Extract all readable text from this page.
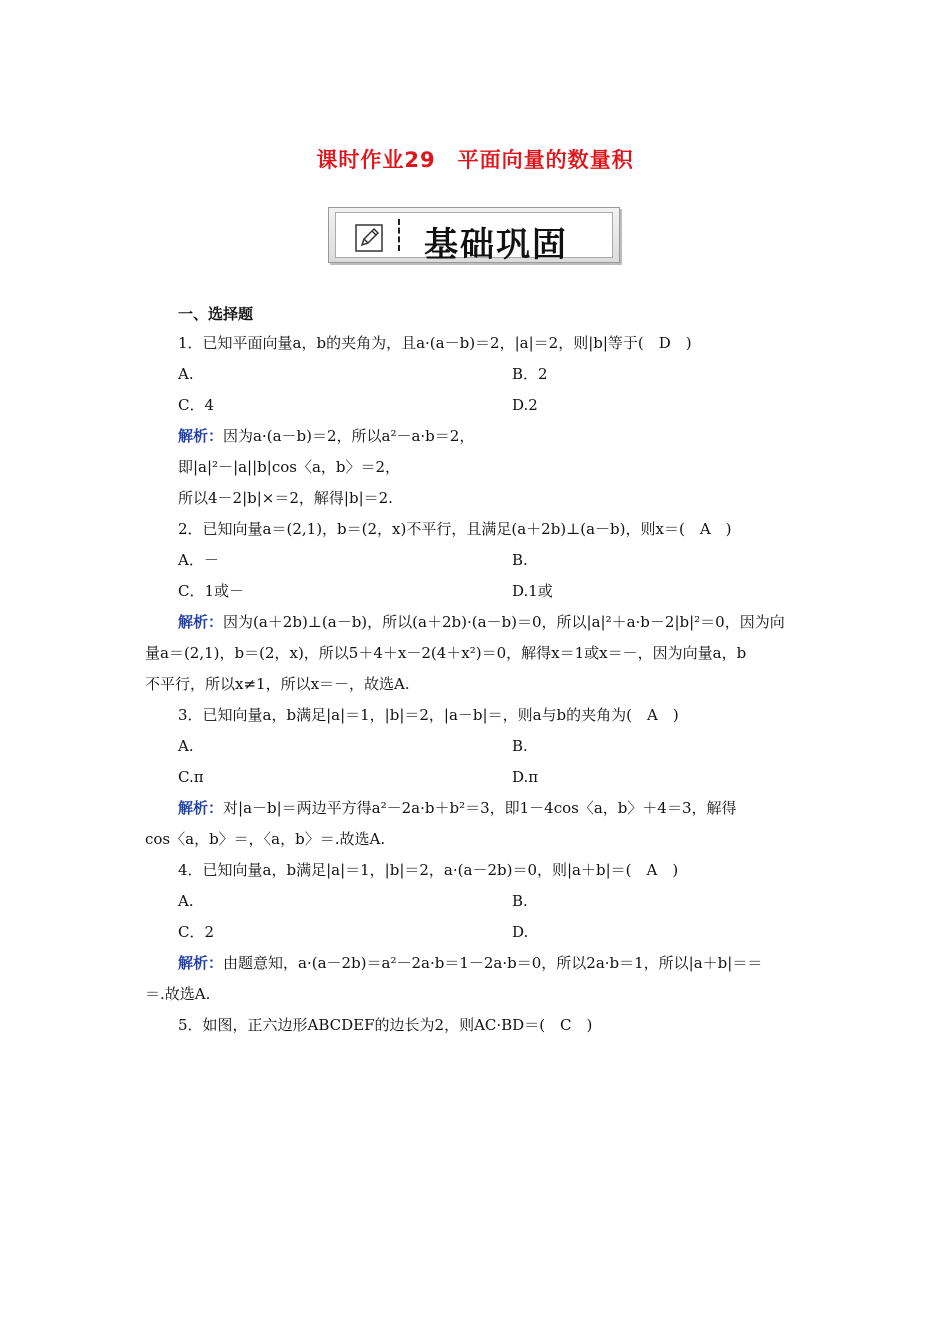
课时作业29　平面向量的数量积
基础巩固
一、选择题
1．已知平面向量a，b的夹角为，且a·(a－b)＝2，|a|＝2，则|b|等于(　D　)
A.	B．2
C．4	D.2
解析：因为a·(a－b)＝2，所以a²－a·b＝2，
即|a|²－|a||b|cos〈a，b〉＝2，
所以4－2|b|×＝2，解得|b|＝2.
2．已知向量a＝(2,1)，b＝(2，x)不平行，且满足(a＋2b)⊥(a－b)，则x＝(　A　)
A．－	B.
C．1或－	D.1或
解析：因为(a＋2b)⊥(a－b)，所以(a＋2b)·(a－b)＝0，所以|a|²＋a·b－2|b|²＝0，因为向
量a＝(2,1)，b＝(2，x)，所以5＋4＋x－2(4＋x²)＝0，解得x＝1或x＝－，因为向量a，b
不平行，所以x≠1，所以x＝－，故选A.
3．已知向量a，b满足|a|＝1，|b|＝2，|a－b|＝，则a与b的夹角为(　A　)
A.	B.
C.π	D.π
解析：对|a－b|＝两边平方得a²－2a·b＋b²＝3，即1－4cos〈a，b〉＋4＝3，解得
cos〈a，b〉＝，〈a，b〉＝.故选A.
4．已知向量a，b满足|a|＝1，|b|＝2，a·(a－2b)＝0，则|a＋b|＝(　A　)
A.	B.
C．2	D.
解析：由题意知，a·(a－2b)＝a²－2a·b＝1－2a·b＝0，所以2a·b＝1，所以|a＋b|＝＝
＝.故选A.
5．如图，正六边形ABCDEF的边长为2，则AC·BD＝(　C　)
